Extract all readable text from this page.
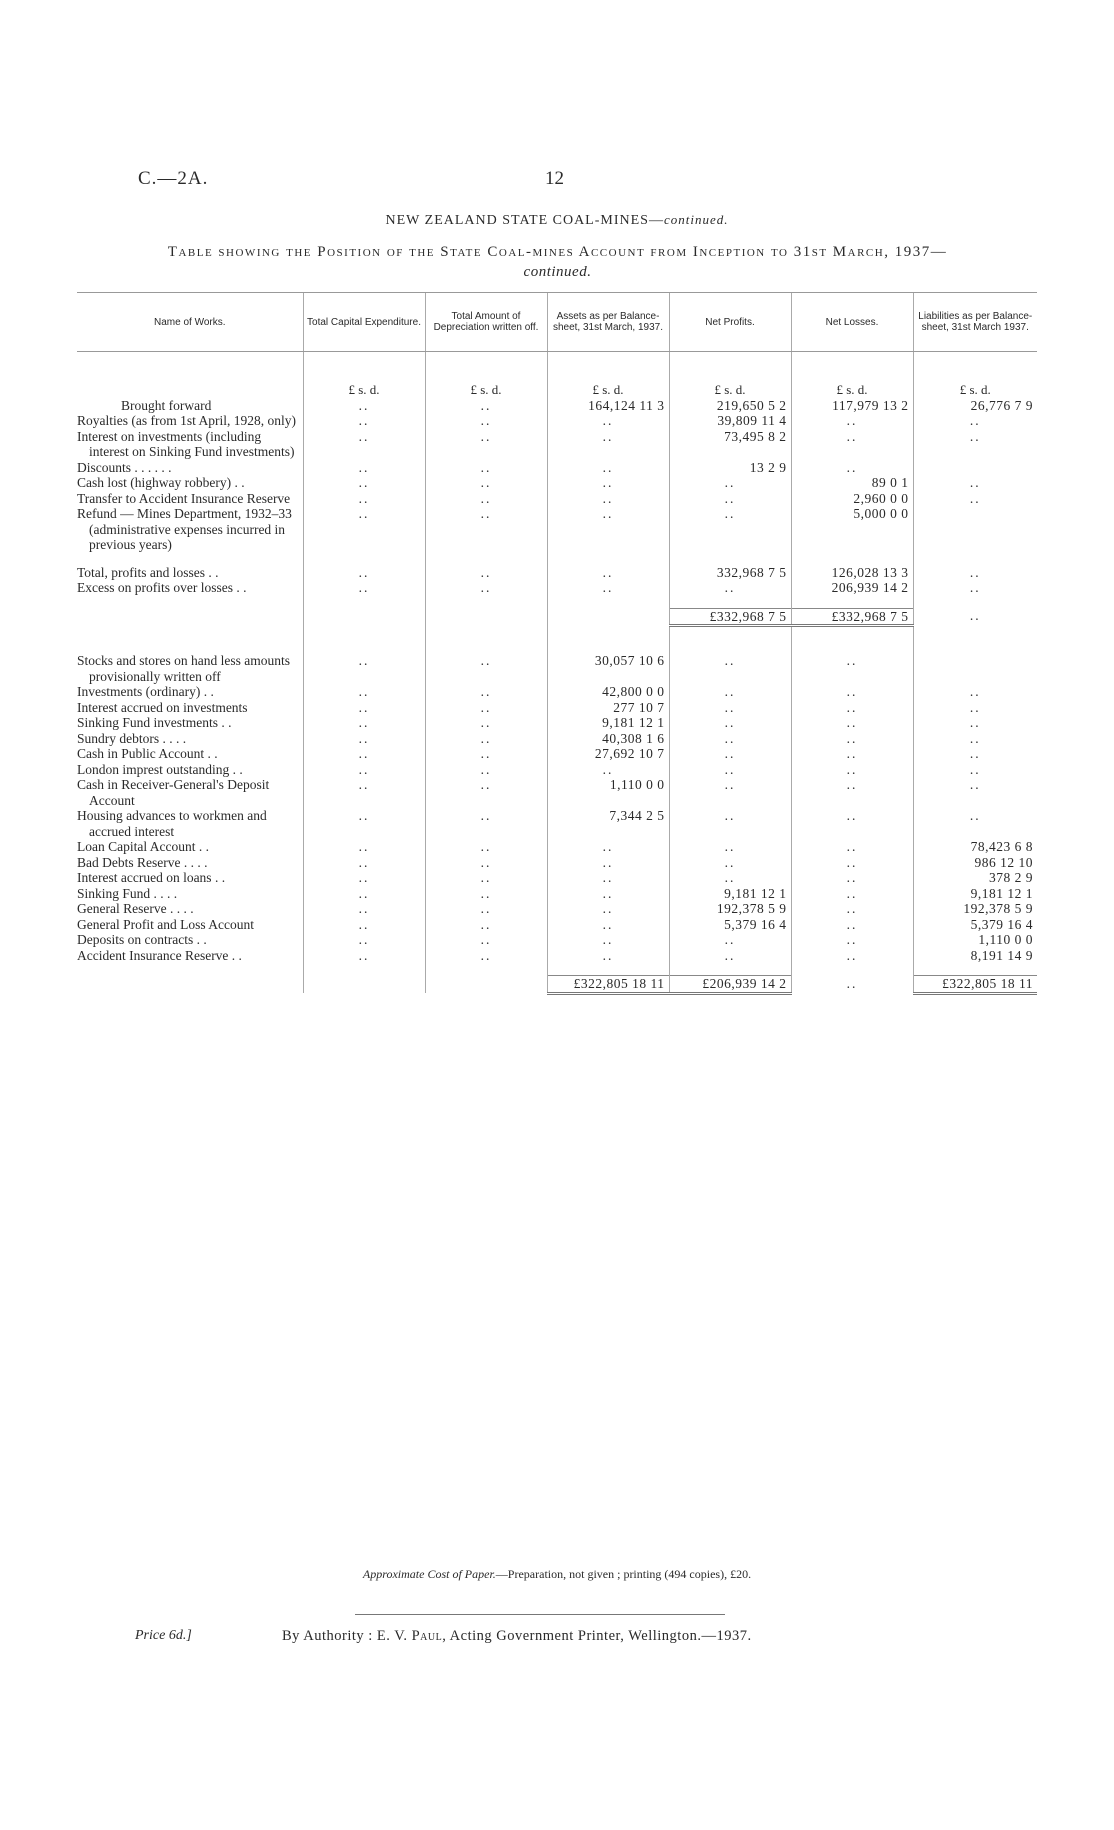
C.—2A.	12
NEW ZEALAND STATE COAL-MINES—continued.
Table showing the Position of the State Coal-mines Account from Inception to 31st March, 1937—
continued.
Name of Works.	Total Capital Expenditure.	Total Amount of Depreciation written off.	Assets as per Balance-sheet, 31st March, 1937.	Net Profits.	Net Losses.	Liabilities as per Balance-sheet, 31st March 1937.
	£ s. d.	£ s. d.	£ s. d.	£ s. d.	£ s. d.	£ s. d.
Brought forward	..	..	164,124 11 3	219,650 5 2	117,979 13 2	26,776 7 9
Royalties (as from 1st April, 1928, only)	..	..	..	39,809 11 4	..	..
Interest on investments (including interest on Sinking Fund investments)	..	..	..	73,495 8 2	..	..
Discounts . . . . . .	..	..	..	13 2 9	..	
Cash lost (highway robbery) . .	..	..	..	..	89 0 1	..
Transfer to Accident Insurance Reserve	..	..	..	..	2,960 0 0	..
Refund — Mines Department, 1932–33 (administrative expenses incurred in previous years)	..	..	..	..	5,000 0 0	

Total, profits and losses . .	..	..	..	332,968 7 5	126,028 13 3	..
Excess on profits over losses . .	..	..	..	..	206,939 14 2	..

				£332,968 7 5	£332,968 7 5	..

Stocks and stores on hand less amounts provisionally written off	..	..	30,057 10 6	..	..	
Investments (ordinary) . .	..	..	42,800 0 0	..	..	..
Interest accrued on investments	..	..	277 10 7	..	..	..
Sinking Fund investments . .	..	..	9,181 12 1	..	..	..
Sundry debtors . . . .	..	..	40,308 1 6	..	..	..
Cash in Public Account . .	..	..	27,692 10 7	..	..	..
London imprest outstanding . .	..	..	..	..	..	..
Cash in Receiver-General's Deposit Account	..	..	1,110 0 0	..	..	..
Housing advances to workmen and accrued interest	..	..	7,344 2 5	..	..	..
Loan Capital Account . .	..	..	..	..	..	78,423 6 8
Bad Debts Reserve . . . .	..	..	..	..	..	986 12 10
Interest accrued on loans . .	..	..	..	..	..	378 2 9
Sinking Fund . . . .	..	..	..	9,181 12 1	..	9,181 12 1
General Reserve . . . .	..	..	..	192,378 5 9	..	192,378 5 9
General Profit and Loss Account	..	..	..	5,379 16 4	..	5,379 16 4
Deposits on contracts . .	..	..	..	..	..	1,110 0 0
Accident Insurance Reserve . .	..	..	..	..	..	8,191 14 9

			£322,805 18 11	£206,939 14 2	..	£322,805 18 11
Approximate Cost of Paper.—Preparation, not given ; printing (494 copies), £20.
Price 6d.]	By Authority : E. V. Paul, Acting Government Printer, Wellington.—1937.
